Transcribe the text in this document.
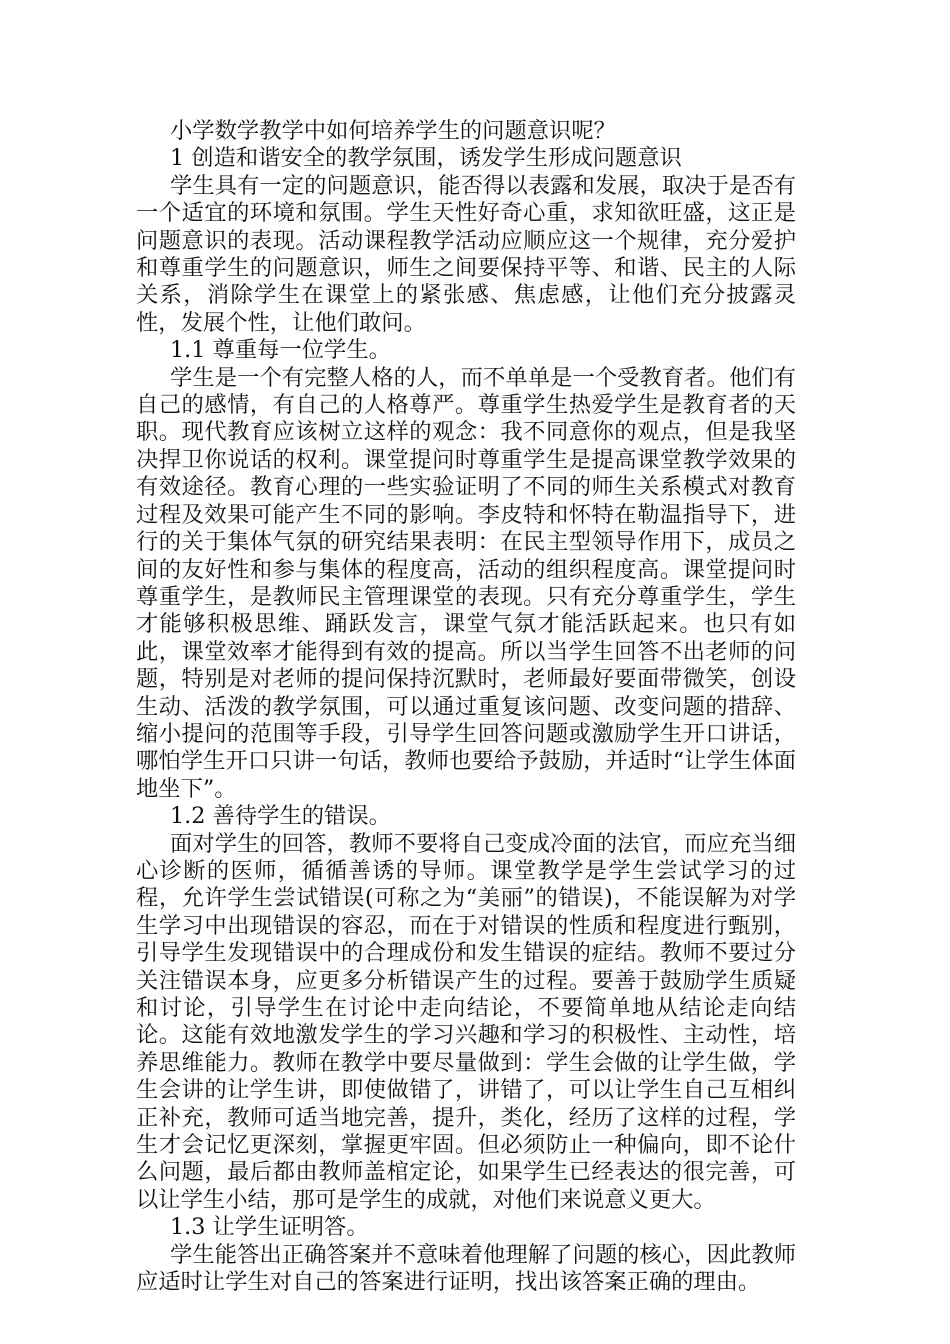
小学数学教学中如何培养学生的问题意识呢？

1 创造和谐安全的教学氛围，诱发学生形成问题意识

学生具有一定的问题意识，能否得以表露和发展，取决于是否有一个适宜的环境和氛围。学生天性好奇心重，求知欲旺盛，这正是问题意识的表现。活动课程教学活动应顺应这一个规律，充分爱护和尊重学生的问题意识，师生之间要保持平等、和谐、民主的人际关系，消除学生在课堂上的紧张感、焦虑感，让他们充分披露灵性，发展个性，让他们敢问。

1.1 尊重每一位学生。

学生是一个有完整人格的人，而不单单是一个受教育者。他们有自己的感情，有自己的人格尊严。尊重学生热爱学生是教育者的天职。现代教育应该树立这样的观念：我不同意你的观点，但是我坚决捍卫你说话的权利。课堂提问时尊重学生是提高课堂教学效果的有效途径。教育心理的一些实验证明了不同的师生关系模式对教育过程及效果可能产生不同的影响。李皮特和怀特在勒温指导下，进行的关于集体气氛的研究结果表明：在民主型领导作用下，成员之间的友好性和参与集体的程度高，活动的组织程度高。课堂提问时尊重学生，是教师民主管理课堂的表现。只有充分尊重学生，学生才能够积极思维、踊跃发言，课堂气氛才能活跃起来。也只有如此，课堂效率才能得到有效的提高。所以当学生回答不出老师的问题，特别是对老师的提问保持沉默时，老师最好要面带微笑，创设生动、活泼的教学氛围，可以通过重复该问题、改变问题的措辞、缩小提问的范围等手段，引导学生回答问题或激励学生开口讲话，哪怕学生开口只讲一句话，教师也要给予鼓励，并适时“让学生体面地坐下”。

1.2 善待学生的错误。

面对学生的回答，教师不要将自己变成冷面的法官，而应充当细心诊断的医师，循循善诱的导师。课堂教学是学生尝试学习的过程，允许学生尝试错误(可称之为“美丽”的错误)，不能误解为对学生学习中出现错误的容忍，而在于对错误的性质和程度进行甄别，引导学生发现错误中的合理成份和发生错误的症结。教师不要过分关注错误本身，应更多分析错误产生的过程。要善于鼓励学生质疑和讨论，引导学生在讨论中走向结论，不要简单地从结论走向结论。这能有效地激发学生的学习兴趣和学习的积极性、主动性，培养思维能力。教师在教学中要尽量做到：学生会做的让学生做，学生会讲的让学生讲，即使做错了，讲错了，可以让学生自己互相纠正补充，教师可适当地完善，提升，类化，经历了这样的过程，学生才会记忆更深刻，掌握更牢固。但必须防止一种偏向，即不论什么问题，最后都由教师盖棺定论，如果学生已经表达的很完善，可以让学生小结，那可是学生的成就，对他们来说意义更大。

1.3 让学生证明答。

学生能答出正确答案并不意味着他理解了问题的核心，因此教师应适时让学生对自己的答案进行证明，找出该答案正确的理由。
